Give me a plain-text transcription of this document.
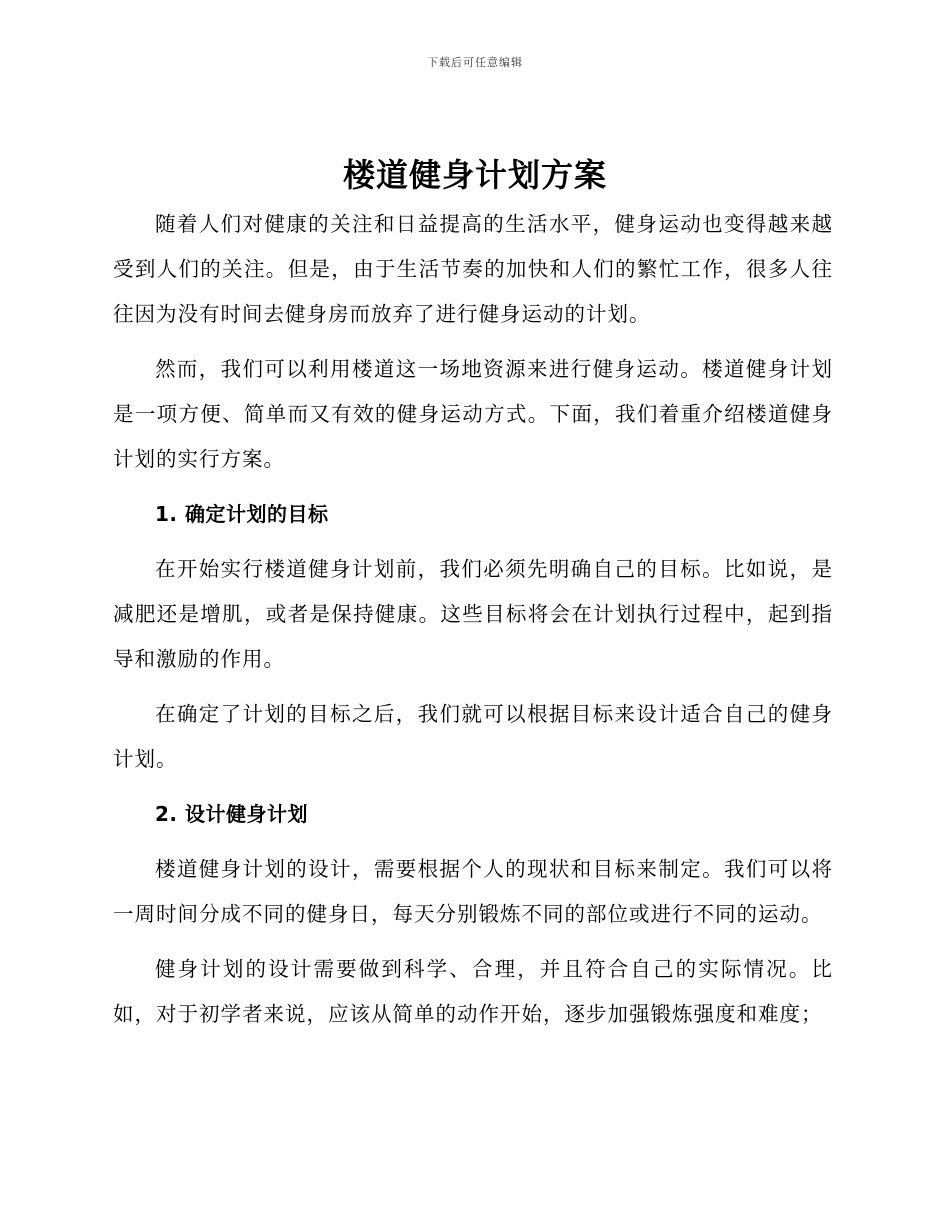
下载后可任意编辑
楼道健身计划方案

随着人们对健康的关注和日益提高的生活水平，健身运动也变得越来越受到人们的关注。但是，由于生活节奏的加快和人们的繁忙工作，很多人往往因为没有时间去健身房而放弃了进行健身运动的计划。

然而，我们可以利用楼道这一场地资源来进行健身运动。楼道健身计划是一项方便、简单而又有效的健身运动方式。下面，我们着重介绍楼道健身计划的实行方案。

1. 确定计划的目标

在开始实行楼道健身计划前，我们必须先明确自己的目标。比如说，是减肥还是增肌，或者是保持健康。这些目标将会在计划执行过程中，起到指导和激励的作用。

在确定了计划的目标之后，我们就可以根据目标来设计适合自己的健身计划。

2. 设计健身计划

楼道健身计划的设计，需要根据个人的现状和目标来制定。我们可以将一周时间分成不同的健身日，每天分别锻炼不同的部位或进行不同的运动。

健身计划的设计需要做到科学、合理，并且符合自己的实际情况。比如，对于初学者来说，应该从简单的动作开始，逐步加强锻炼强度和难度；
